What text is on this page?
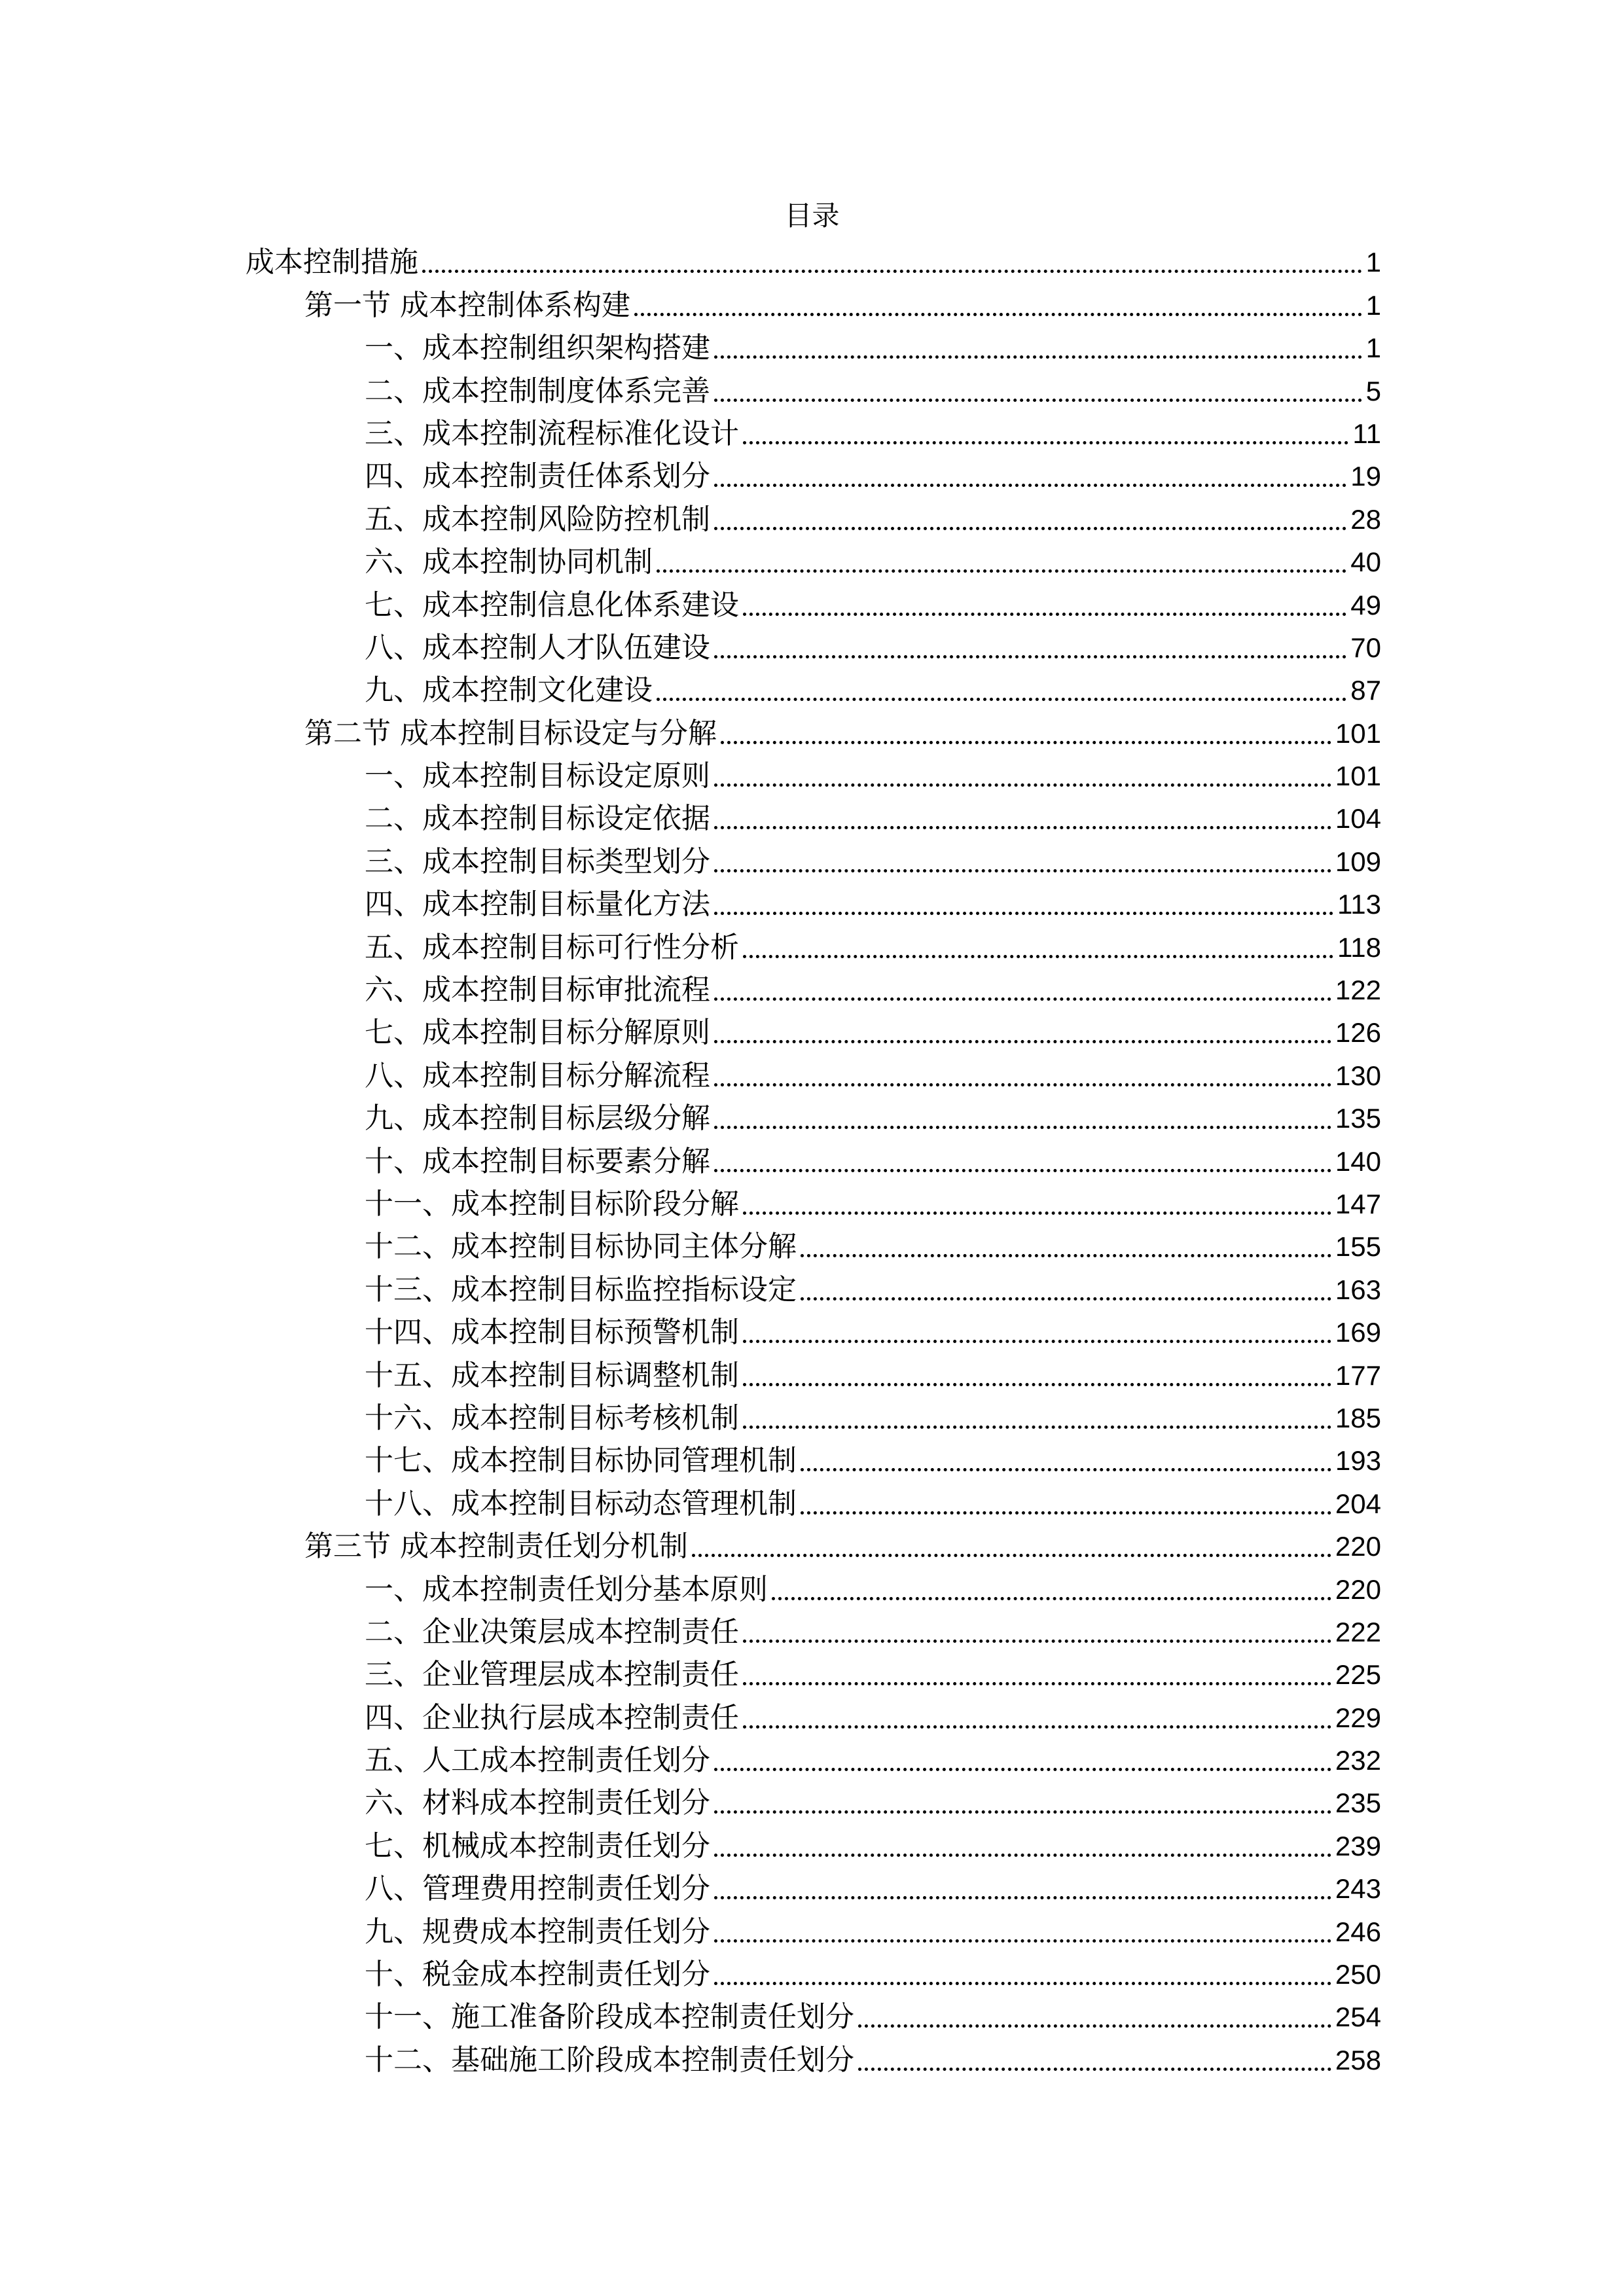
目录
成本控制措施	1
第一节 成本控制体系构建	1
一、成本控制组织架构搭建	1
二、成本控制制度体系完善	5
三、成本控制流程标准化设计	11
四、成本控制责任体系划分	19
五、成本控制风险防控机制	28
六、成本控制协同机制	40
七、成本控制信息化体系建设	49
八、成本控制人才队伍建设	70
九、成本控制文化建设	87
第二节 成本控制目标设定与分解	101
一、成本控制目标设定原则	101
二、成本控制目标设定依据	104
三、成本控制目标类型划分	109
四、成本控制目标量化方法	113
五、成本控制目标可行性分析	118
六、成本控制目标审批流程	122
七、成本控制目标分解原则	126
八、成本控制目标分解流程	130
九、成本控制目标层级分解	135
十、成本控制目标要素分解	140
十一、成本控制目标阶段分解	147
十二、成本控制目标协同主体分解	155
十三、成本控制目标监控指标设定	163
十四、成本控制目标预警机制	169
十五、成本控制目标调整机制	177
十六、成本控制目标考核机制	185
十七、成本控制目标协同管理机制	193
十八、成本控制目标动态管理机制	204
第三节 成本控制责任划分机制	220
一、成本控制责任划分基本原则	220
二、企业决策层成本控制责任	222
三、企业管理层成本控制责任	225
四、企业执行层成本控制责任	229
五、人工成本控制责任划分	232
六、材料成本控制责任划分	235
七、机械成本控制责任划分	239
八、管理费用控制责任划分	243
九、规费成本控制责任划分	246
十、税金成本控制责任划分	250
十一、施工准备阶段成本控制责任划分	254
十二、基础施工阶段成本控制责任划分	258
